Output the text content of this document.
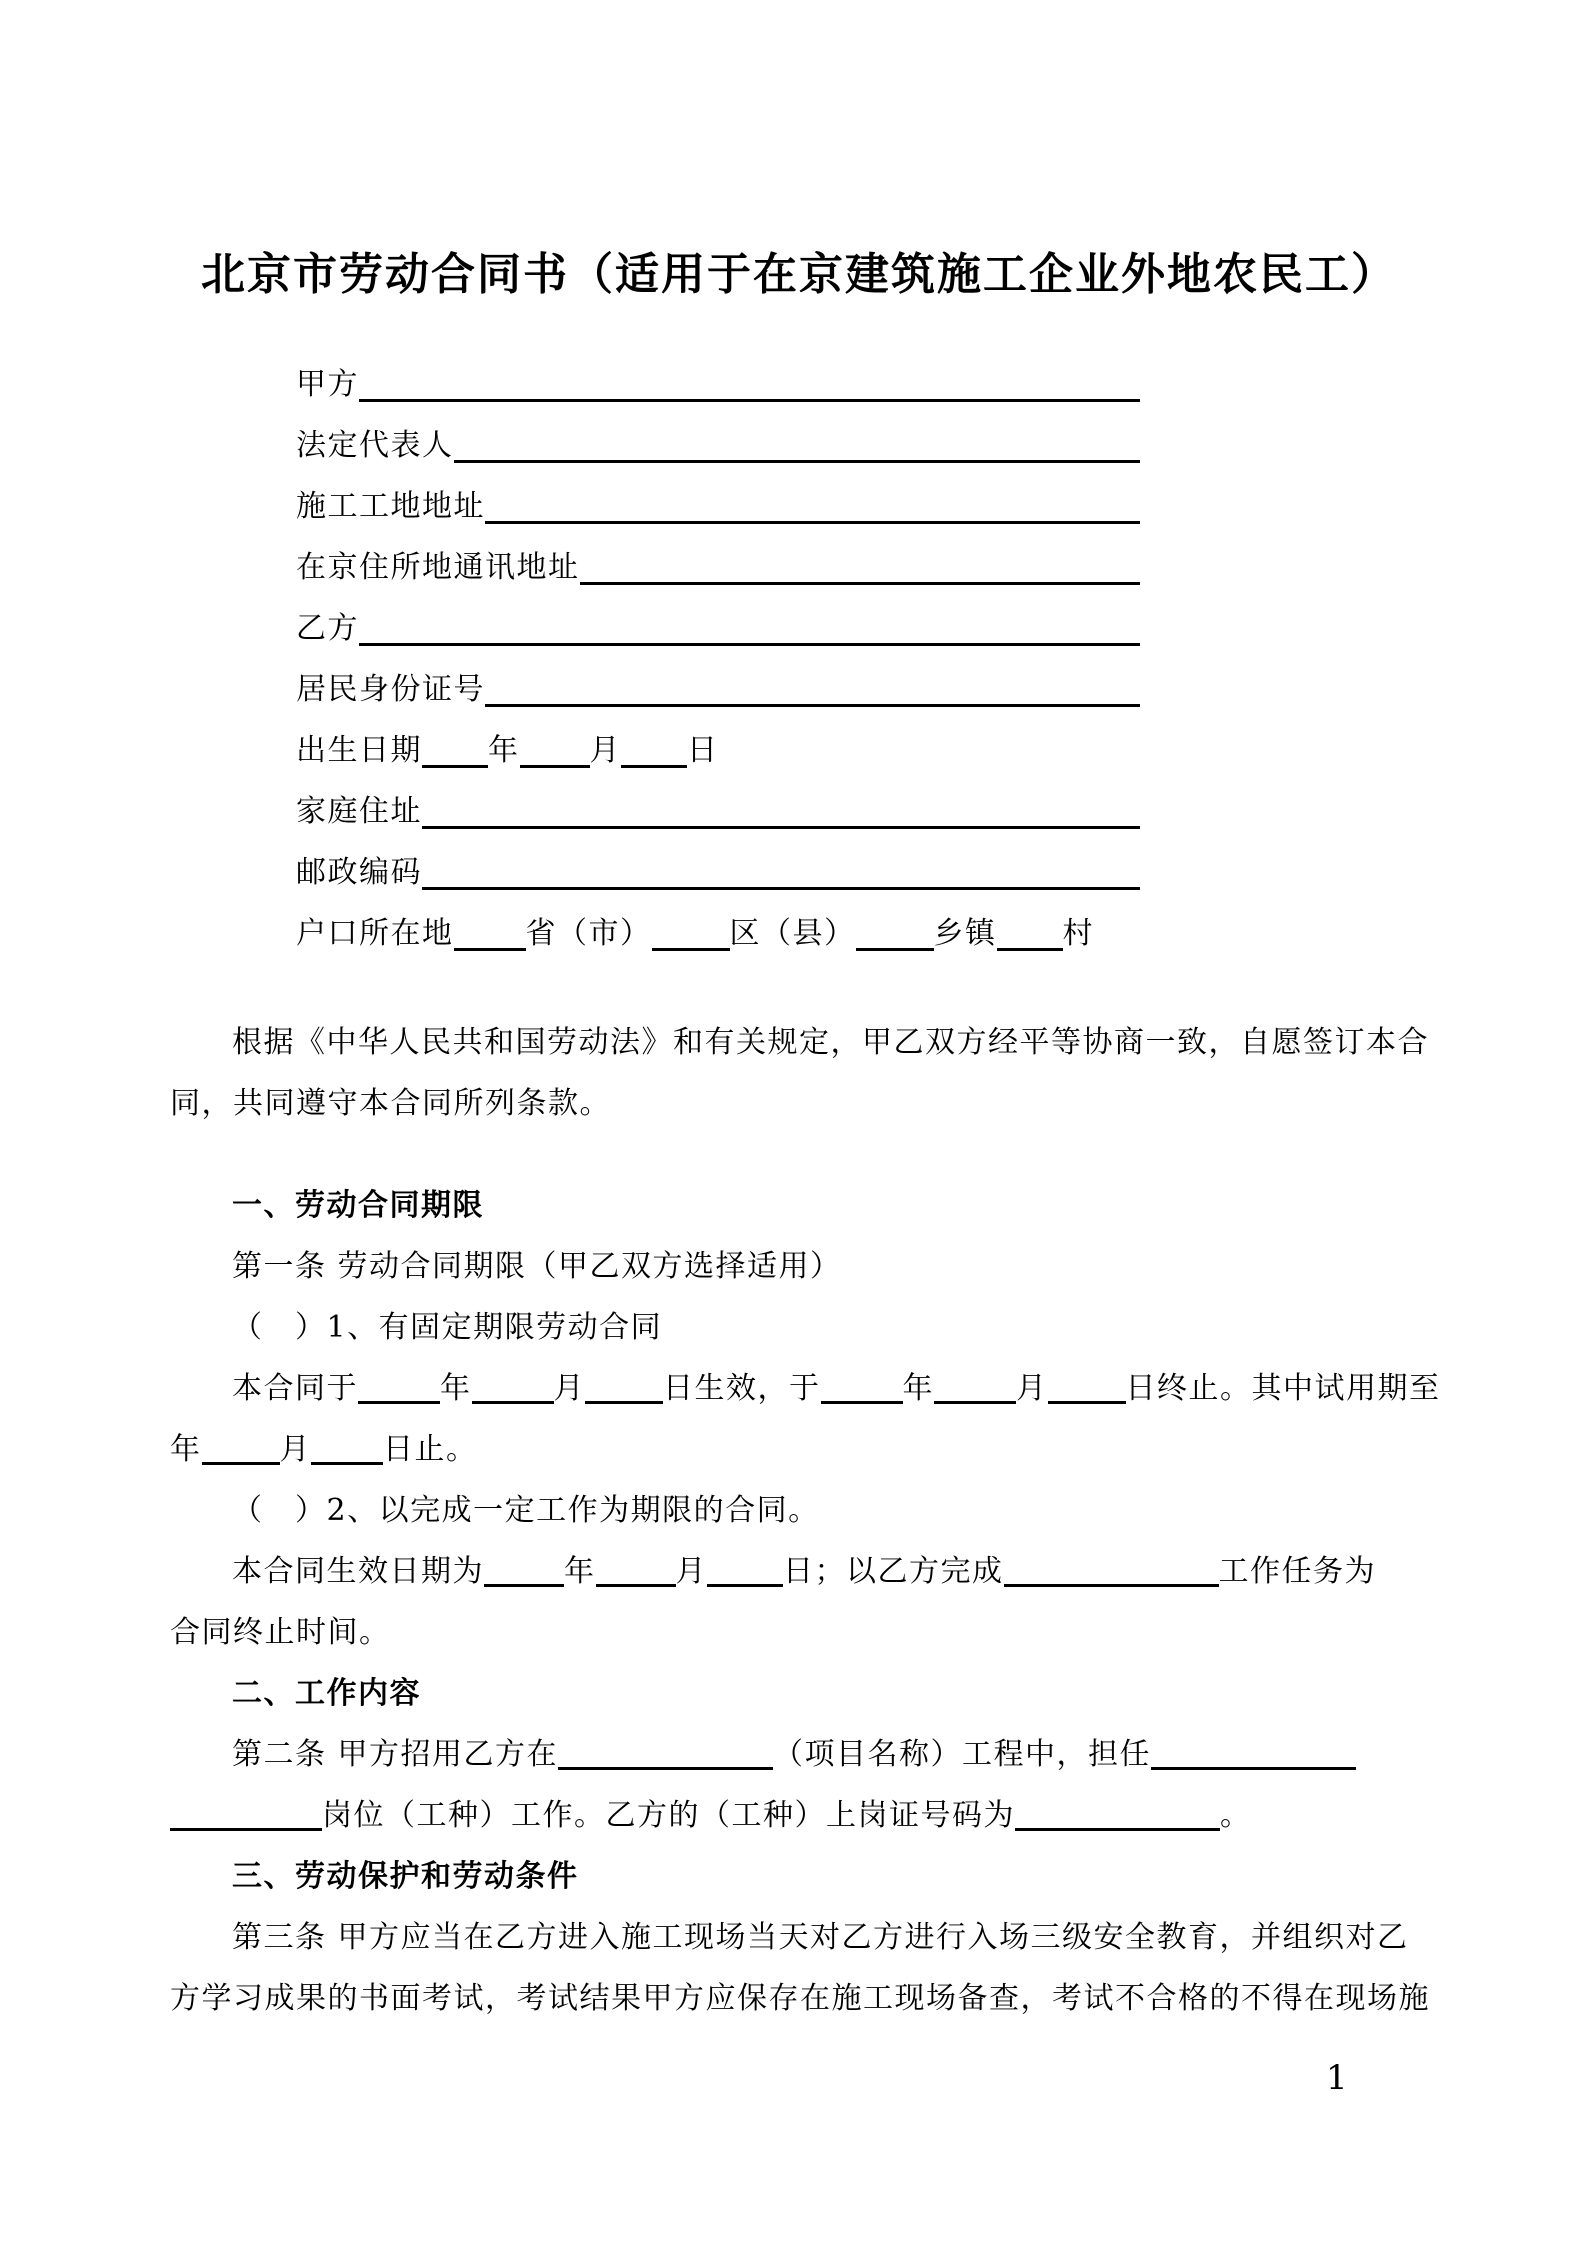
北京市劳动合同书（适用于在京建筑施工企业外地农民工）
甲方
法定代表人
施工工地地址
在京住所地通讯地址
乙方
居民身份证号
出生日期 年 月 日
家庭住址
邮政编码
户口所在地 省（市）	区（县）	乡镇 村
根据《中华人民共和国劳动法》和有关规定，甲乙双方经平等协商一致，自愿签订本合
同，共同遵守本合同所列条款。
一、劳动合同期限
第一条 劳动合同期限（甲乙双方选择适用）
（　）1、有固定期限劳动合同
本合同于	年	月	日生效，于	年	月	日终止。其中试用期至
年	月 日止。
（　）2、以完成一定工作为期限的合同。
本合同生效日期为	年	月	日；以乙方完成	工作任务为
合同终止时间。
二、工作内容
第二条 甲方招用乙方在	（项目名称）工程中，担任
岗位（工种）工作。乙方的（工种）上岗证号码为	。
三、劳动保护和劳动条件
第三条 甲方应当在乙方进入施工现场当天对乙方进行入场三级安全教育，并组织对乙
方学习成果的书面考试，考试结果甲方应保存在施工现场备查，考试不合格的不得在现场施
1
